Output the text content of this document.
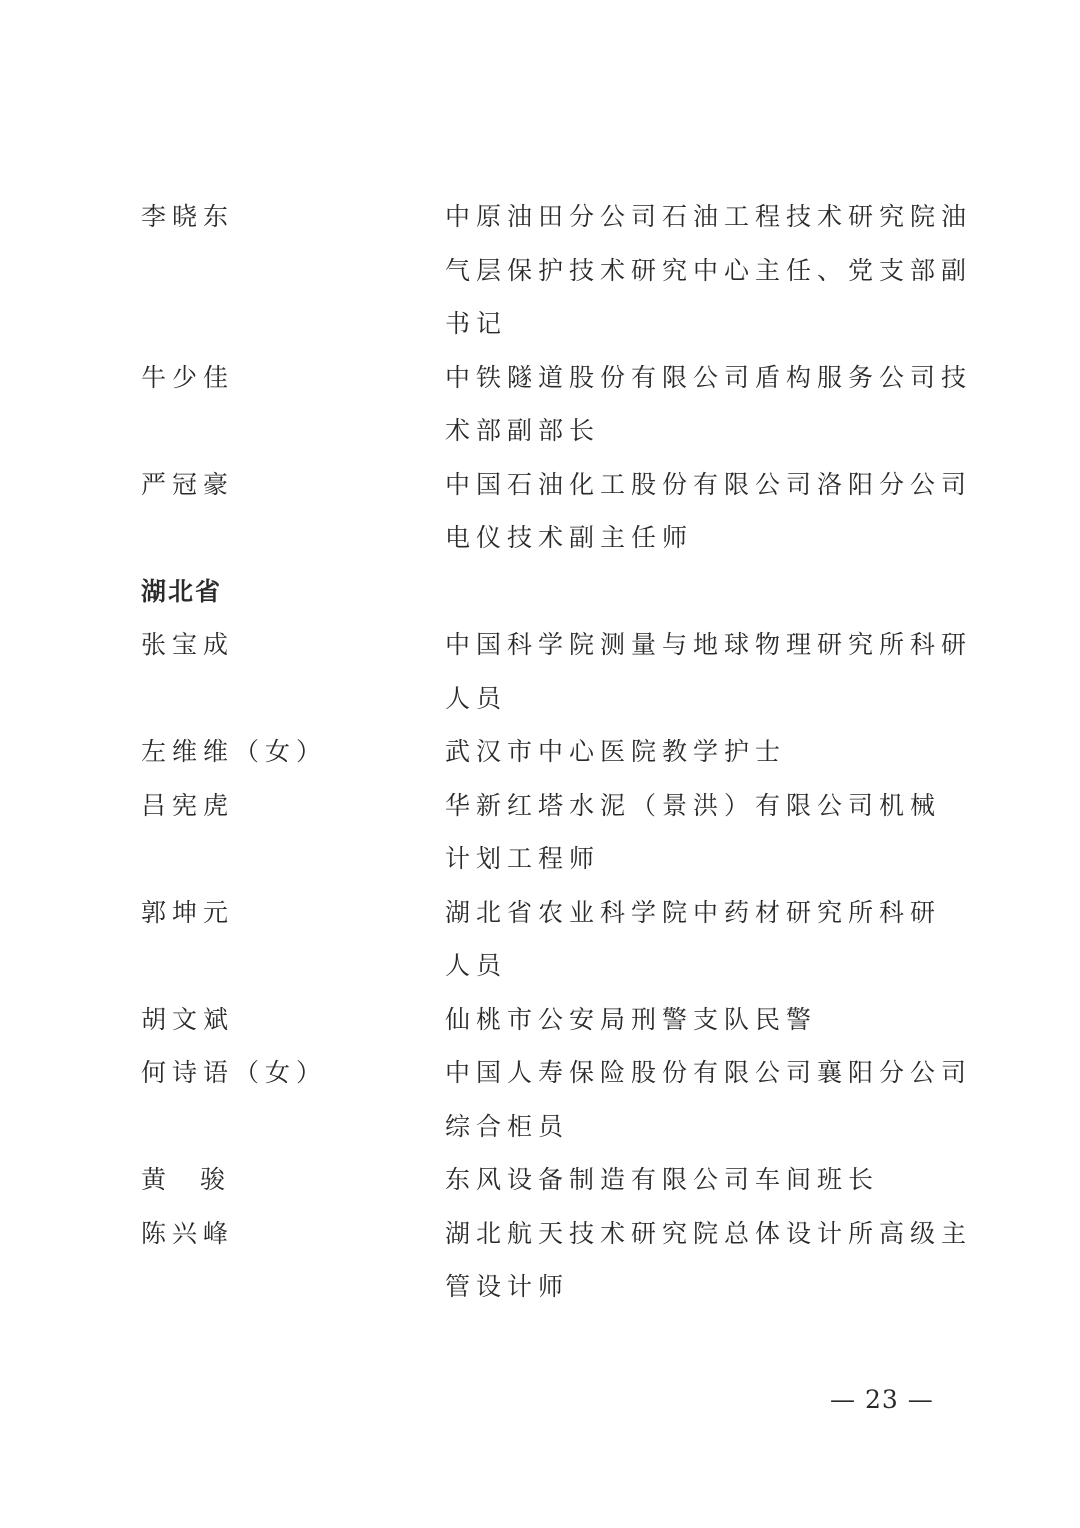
李晓东	中原油田分公司石油工程技术研究院油
气层保护技术研究中心主任、党支部副
书记
牛少佳	中铁隧道股份有限公司盾构服务公司技
术部副部长
严冠豪	中国石油化工股份有限公司洛阳分公司
电仪技术副主任师
湖北省
张宝成	中国科学院测量与地球物理研究所科研
人员
左维维（女）	武汉市中心医院教学护士
吕宪虎	华新红塔水泥（景洪）有限公司机械
计划工程师
郭坤元	湖北省农业科学院中药材研究所科研
人员
胡文斌	仙桃市公安局刑警支队民警
何诗语（女）	中国人寿保险股份有限公司襄阳分公司
综合柜员
黄骏	东风设备制造有限公司车间班长
陈兴峰	湖北航天技术研究院总体设计所高级主
管设计师
— 23 —
